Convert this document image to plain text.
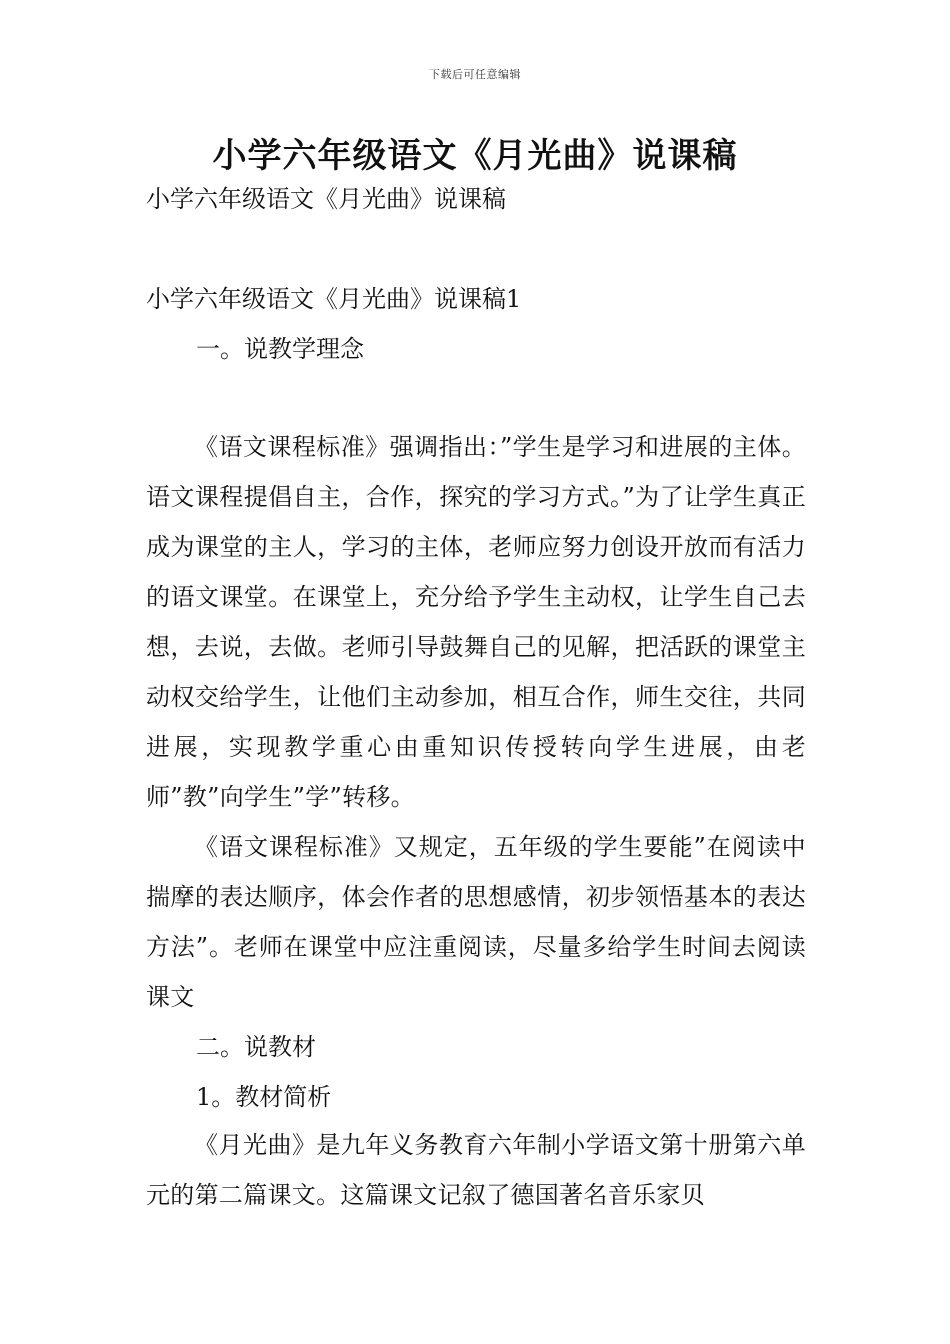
下载后可任意编辑
小学六年级语文《月光曲》说课稿

小学六年级语文《月光曲》说课稿

小学六年级语文《月光曲》说课稿1

一。说教学理念

《语文课程标准》强调指出：”学生是学习和进展的主体。语文课程提倡自主，合作，探究的学习方式。”为了让学生真正成为课堂的主人，学习的主体，老师应努力创设开放而有活力的语文课堂。在课堂上，充分给予学生主动权，让学生自己去想，去说，去做。老师引导鼓舞自己的见解，把活跃的课堂主动权交给学生，让他们主动参加，相互合作，师生交往，共同进展，实现教学重心由重知识传授转向学生进展，由老师”教”向学生”学”转移。

《语文课程标准》又规定，五年级的学生要能”在阅读中揣摩的表达顺序，体会作者的思想感情，初步领悟基本的表达方法”。老师在课堂中应注重阅读，尽量多给学生时间去阅读课文

二。说教材

1。教材简析

《月光曲》是九年义务教育六年制小学语文第十册第六单元的第二篇课文。这篇课文记叙了德国著名音乐家贝
